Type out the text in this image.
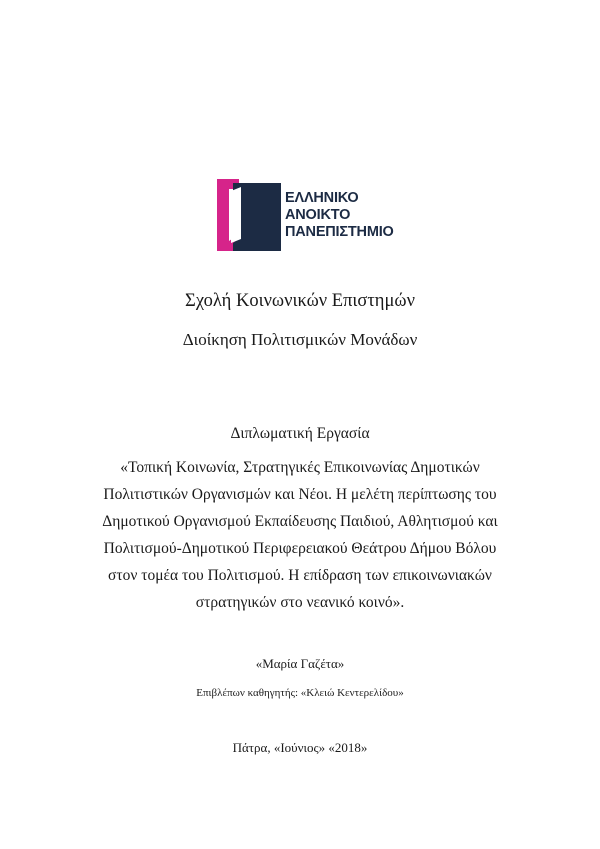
ΕΛΛΗΝΙΚΟ
ΑΝΟΙΚΤΟ
ΠΑΝΕΠΙΣΤΗΜΙΟ
Σχολή Κοινωνικών Επιστημών
Διοίκηση Πολιτισμικών Μονάδων
Διπλωματική Εργασία
«Τοπική Κοινωνία, Στρατηγικές Επικοινωνίας Δημοτικών
Πολιτιστικών Οργανισμών και Νέοι. Η μελέτη περίπτωσης του
Δημοτικού Οργανισμού Εκπαίδευσης Παιδιού, Αθλητισμού και
Πολιτισμού-Δημοτικού Περιφερειακού Θεάτρου Δήμου Βόλου
στον τομέα του Πολιτισμού. Η επίδραση των επικοινωνιακών
στρατηγικών στο νεανικό κοινό».
«Μαρία Γαζέτα»
Επιβλέπων καθηγητής: «Κλειώ Κεντερελίδου»
Πάτρα, «Ιούνιος» «2018»
